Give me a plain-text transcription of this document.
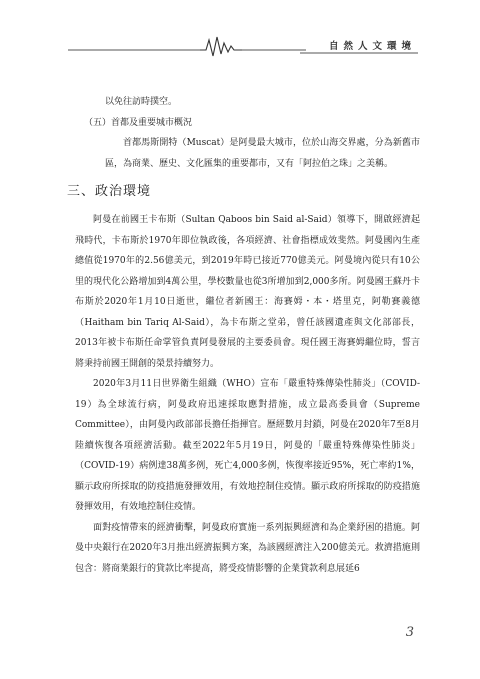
自然人文環境

以免往訪時撲空。

（五）首都及重要城市概況

首都馬斯開特（Muscat）是阿曼最大城市，位於山海交界處，分為新舊市區，為商業、歷史、文化匯集的重要都市，又有「阿拉伯之珠」之美稱。

三、政治環境

阿曼在前國王卡布斯（Sultan Qaboos bin Said al-Said）領導下，開啟經濟起飛時代，卡布斯於1970年即位執政後，各項經濟、社會指標成效斐然。阿曼國內生產總值從1970年的2.56億美元，到2019年時已接近770億美元。阿曼境內從只有10公里的現代化公路增加到4萬公里，學校數量也從3所增加到2,000多所。阿曼國王蘇丹卡布斯於2020年1月10日逝世，繼位者新國王：海賽姆・本・塔里克，阿勒賽義德（Haitham bin Tariq Al-Said），為卡布斯之堂弟，曾任該國遺產與文化部部長，2013年被卡布斯任命掌管負責阿曼發展的主要委員會。現任國王海賽姆繼位時，誓言將秉持前國王開創的榮景持續努力。

2020年3月11日世界衛生組織（WHO）宣布「嚴重特殊傳染性肺炎」（COVID-19）為全球流行病，阿曼政府迅速採取應對措施，成立最高委員會（Supreme Committee），由阿曼內政部部長擔任指揮官。歷經數月封鎖，阿曼在2020年7至8月陸續恢復各項經濟活動。截至2022年5月19日，阿曼的「嚴重特殊傳染性肺炎」（COVID-19）病例達38萬多例，死亡4,000多例，恢復率接近95%，死亡率約1%，顯示政府所採取的防疫措施發揮效用，有效地控制住疫情。顯示政府所採取的防疫措施發揮效用，有效地控制住疫情。

面對疫情帶來的經濟衝擊，阿曼政府實施一系列振興經濟和為企業紓困的措施。阿曼中央銀行在2020年3月推出經濟振興方案，為該國經濟注入200億美元。救濟措施則包含：將商業銀行的貸款比率提高，將受疫情影響的企業貸款利息展延6

3
